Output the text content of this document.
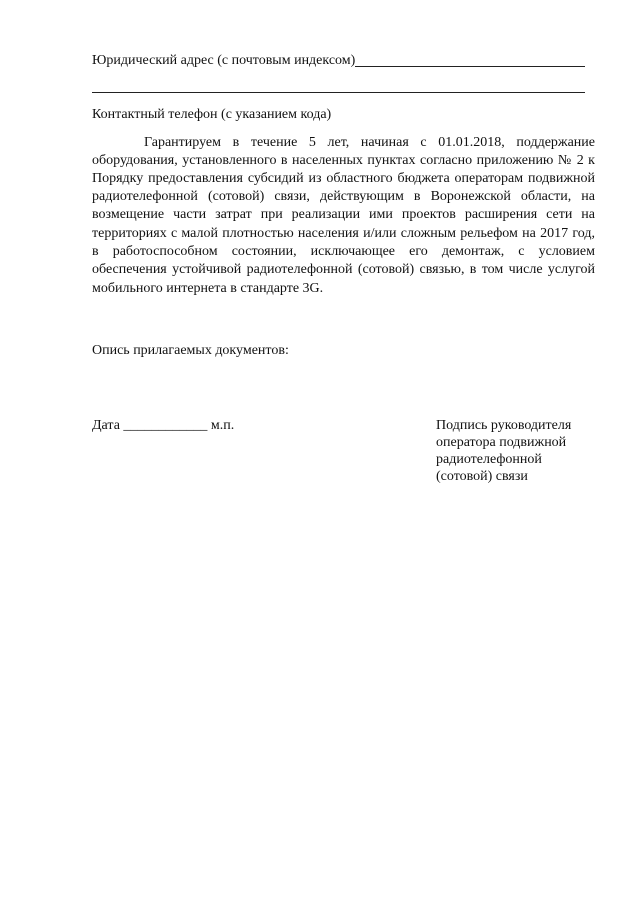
Юридический адрес (с почтовым индексом)
Контактный телефон (с указанием кода)
Гарантируем в течение 5 лет, начиная с 01.01.2018, поддержание
оборудования, установленного в населенных пунктах согласно приложению № 2 к
Порядку предоставления субсидий из областного бюджета операторам подвижной
радиотелефонной (сотовой) связи, действующим в Воронежской области, на
возмещение части затрат при реализации ими проектов расширения сети на
территориях с малой плотностью населения и/или сложным рельефом на 2017 год,
в работоспособном состоянии, исключающее его демонтаж, с условием
обеспечения устойчивой радиотелефонной (сотовой) связью, в том числе услугой
мобильного интернета в стандарте 3G.
Опись прилагаемых документов:
Дата ____________ м.п.	Подпись руководителя
оператора подвижной
радиотелефонной
(сотовой) связи
